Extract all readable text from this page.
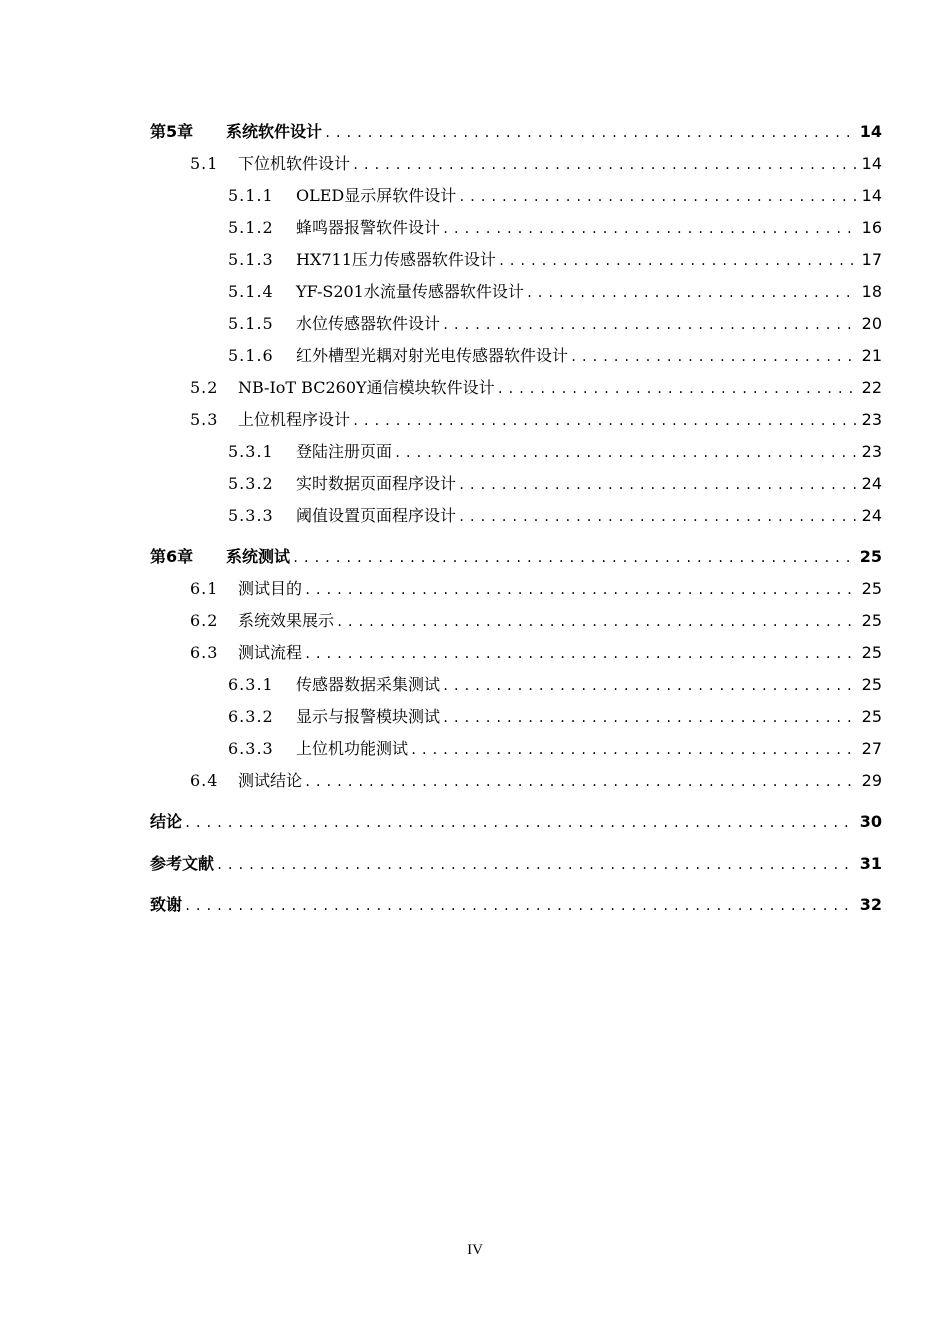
第5章	系统软件设计 .....	14
5.1	下位机软件设计 .....	14
5.1.1	OLED显示屏软件设计 .....	14
5.1.2	蜂鸣器报警软件设计 .....	16
5.1.3	HX711压力传感器软件设计 .....	17
5.1.4	YF-S201水流量传感器软件设计 .....	18
5.1.5	水位传感器软件设计 .....	20
5.1.6	红外槽型光耦对射光电传感器软件设计 .....	21
5.2	NB-IoT BC260Y通信模块软件设计 .....	22
5.3	上位机程序设计 .....	23
5.3.1	登陆注册页面 .....	23
5.3.2	实时数据页面程序设计 .....	24
5.3.3	阈值设置页面程序设计 .....	24
第6章	系统测试 .....	25
6.1	测试目的 .....	25
6.2	系统效果展示 .....	25
6.3	测试流程 .....	25
6.3.1	传感器数据采集测试 .....	25
6.3.2	显示与报警模块测试 .....	25
6.3.3	上位机功能测试 .....	27
6.4	测试结论 .....	29
结论 .....	30
参考文献 .....	31
致谢 .....	32
IV
